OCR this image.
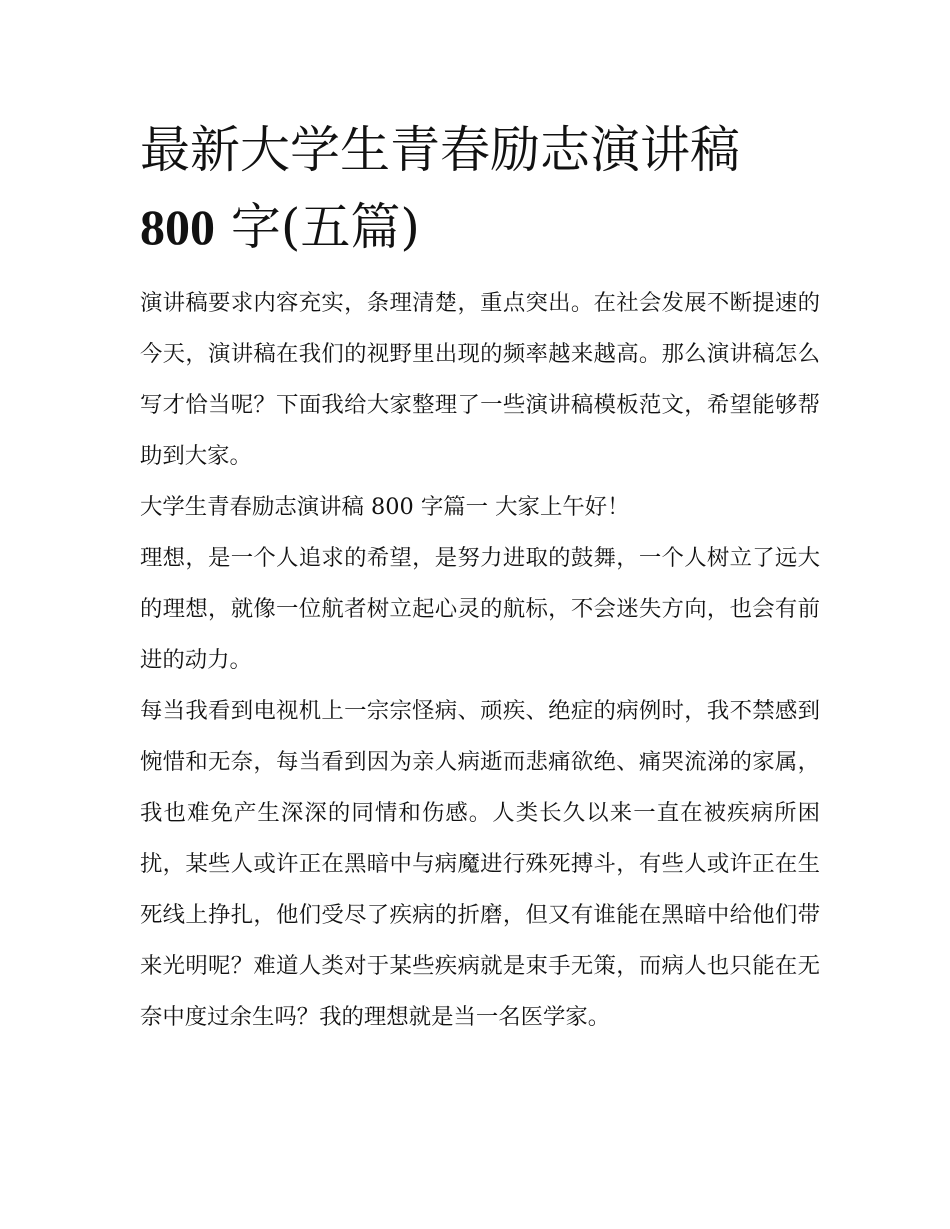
最新大学生青春励志演讲稿
800 字(五篇)

演讲稿要求内容充实，条理清楚，重点突出。在社会发展不断提速的今天，演讲稿在我们的视野里出现的频率越来越高。那么演讲稿怎么写才恰当呢？下面我给大家整理了一些演讲稿模板范文，希望能够帮助到大家。

大学生青春励志演讲稿 800 字篇一 大家上午好！

理想，是一个人追求的希望，是努力进取的鼓舞，一个人树立了远大的理想，就像一位航者树立起心灵的航标，不会迷失方向，也会有前进的动力。

每当我看到电视机上一宗宗怪病、顽疾、绝症的病例时，我不禁感到惋惜和无奈，每当看到因为亲人病逝而悲痛欲绝、痛哭流涕的家属，我也难免产生深深的同情和伤感。人类长久以来一直在被疾病所困扰，某些人或许正在黑暗中与病魔进行殊死搏斗，有些人或许正在生死线上挣扎，他们受尽了疾病的折磨，但又有谁能在黑暗中给他们带来光明呢？难道人类对于某些疾病就是束手无策，而病人也只能在无奈中度过余生吗？我的理想就是当一名医学家。
